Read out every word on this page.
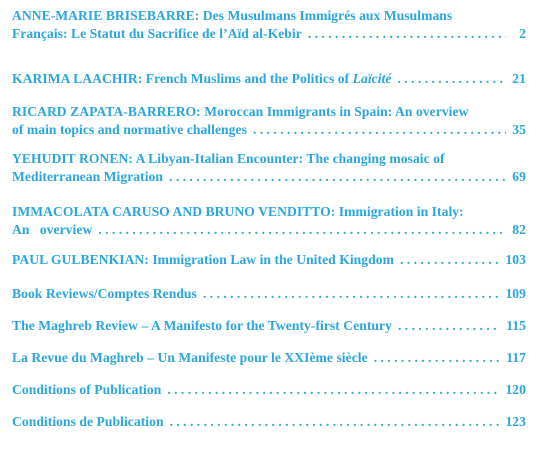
ANNE-MARIE BRISEBARRE: Des Musulmans Immigrés aux Musulmans
Français: Le Statut du Sacrifice de l’Aïd al-Kebir . . .	2
KARIMA LAACHIR: French Muslims and the Politics of Laïcité . . .	21
RICARD ZAPATA-BARRERO: Moroccan Immigrants in Spain: An overview
of main topics and normative challenges . . .	35
YEHUDIT RONEN: A Libyan-Italian Encounter: The changing mosaic of
Mediterranean Migration . . .	69
IMMACOLATA CARUSO AND BRUNO VENDITTO: Immigration in Italy:
An   overview . . .	82
PAUL GULBENKIAN: Immigration Law in the United Kingdom . . .	103
Book Reviews/Comptes Rendus . . .	109
The Maghreb Review – A Manifesto for the Twenty-first Century . . .	115
La Revue du Maghreb – Un Manifeste pour le XXIème siècle . . .	117
Conditions of Publication . . .	120
Conditions de Publication . . .	123
